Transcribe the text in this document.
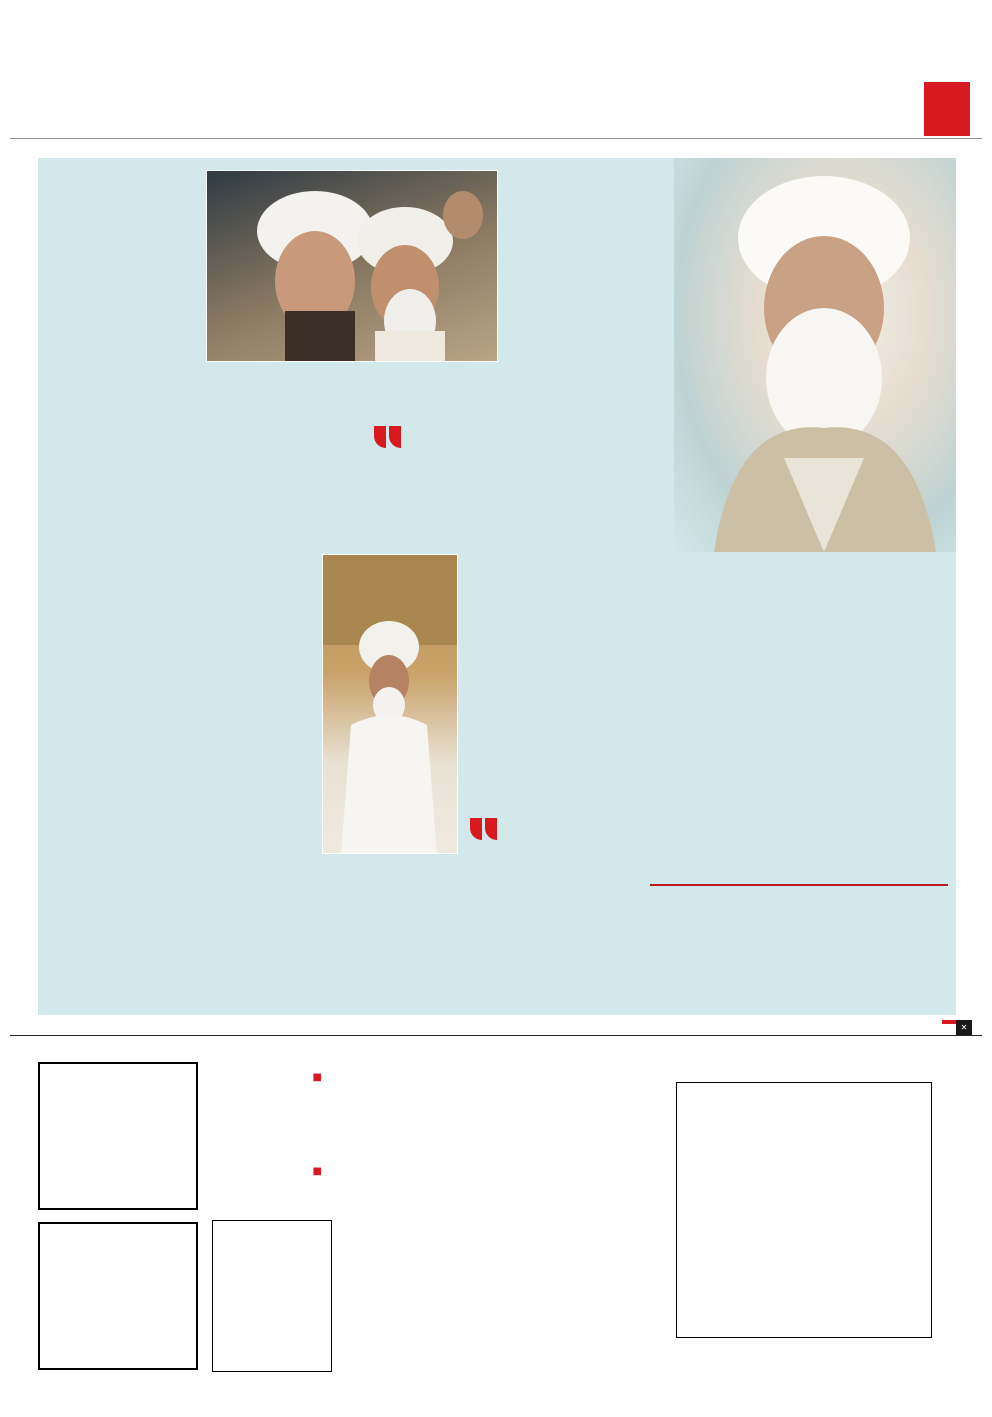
✕
■
■
